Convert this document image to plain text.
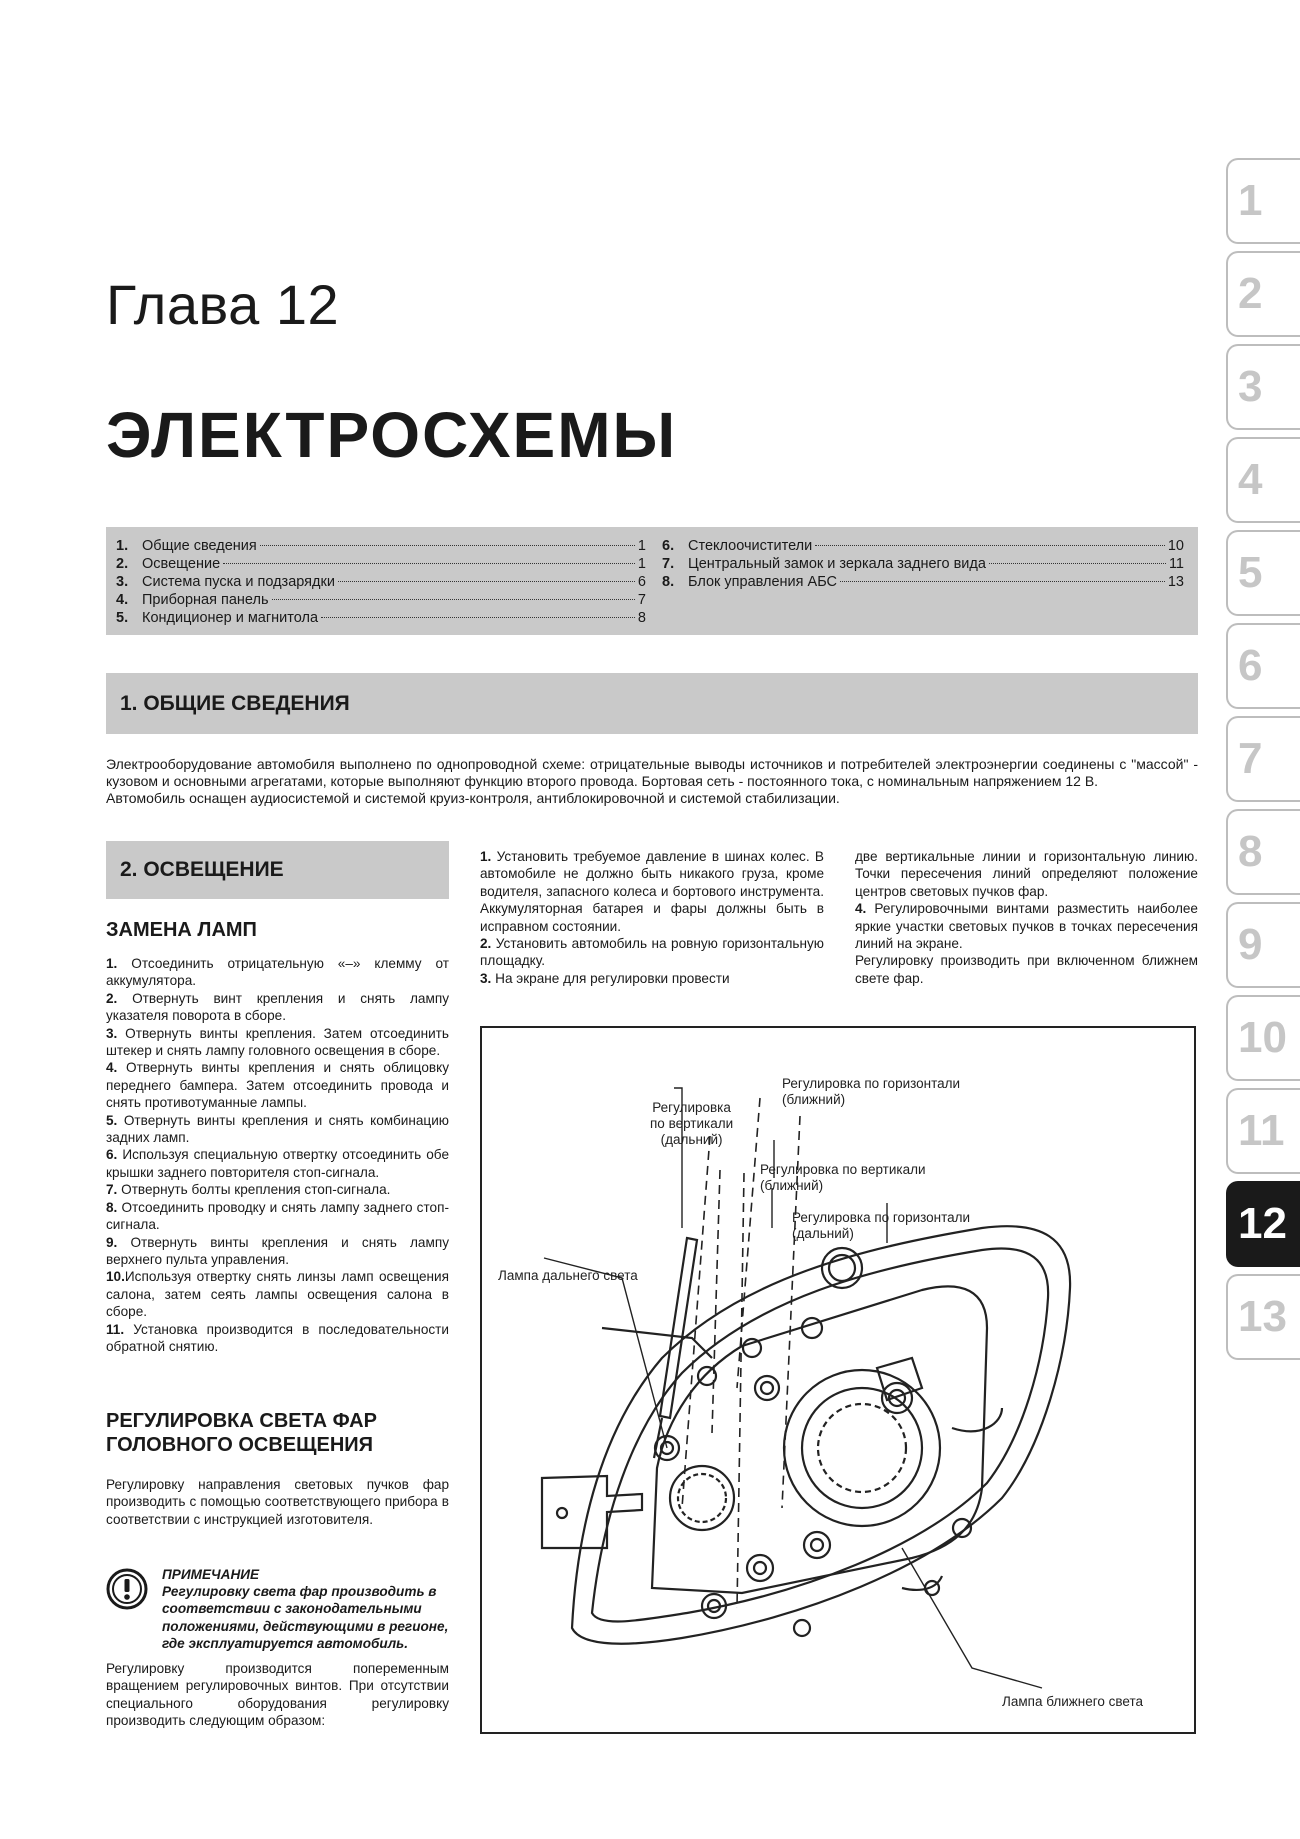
Глава 12
ЭЛЕКТРОСХЕМЫ
1. Общие сведения	1
2. Освещение	1
3. Система пуска и подзарядки	6
4. Приборная панель	7
5. Кондиционер и магнитола	8
6. Стеклоочистители	10
7. Центральный замок и зеркала заднего вида	11
8. Блок управления АБС	13
1. ОБЩИЕ СВЕДЕНИЯ

Электрооборудование автомобиля выполнено по однопроводной схеме: отрицательные выводы источников и потребителей электроэнергии соединены с "массой" - кузовом и основными агрегатами, которые выполняют функцию второго провода. Бортовая сеть - постоянного тока, с номинальным напряжением 12 В.

Автомобиль оснащен аудиосистемой и системой круиз-контроля, антиблокировочной и системой стабилизации.

2. ОСВЕЩЕНИЕ
ЗАМЕНА ЛАМП

1. Отсоединить отрицательную «–» клемму от аккумулятора.

2. Отвернуть винт крепления и снять лампу указателя поворота в сборе.

3. Отвернуть винты крепления. Затем отсоединить штекер и снять лампу головного освещения в сборе.

4. Отвернуть винты крепления и снять облицовку переднего бампера. Затем отсоединить провода и снять противотуманные лампы.

5. Отвернуть винты крепления и снять комбинацию задних ламп.

6. Используя специальную отвертку отсоединить обе крышки заднего повторителя стоп-сигнала.

7. Отвернуть болты крепления стоп-сигнала.

8. Отсоединить проводку и снять лампу заднего стоп-сигнала.

9. Отвернуть винты крепления и снять лампу верхнего пульта управления.

10.Используя отвертку снять линзы ламп освещения салона, затем сеять лампы освещения салона в сборе.

11. Установка производится в последовательности обратной снятию.

РЕГУЛИРОВКА СВЕТА ФАР
ГОЛОВНОГО ОСВЕЩЕНИЯ
Регулировку направления световых пучков фар производить с помощью соответствующего прибора в соответствии с инструкцией изготовителя.
ПРИМЕЧАНИЕ
Регулировку света фар производить в соответствии с законодательными положениями, действующими в регионе, где эксплуатируется автомобиль.
Регулировку производится попеременным вращением регулировочных винтов. При отсутствии специального оборудования регулировку производить следующим образом:

1. Установить требуемое давление в шинах колес. В автомобиле не должно быть никакого груза, кроме водителя, запасного колеса и бортового инструмента. Аккумуляторная батарея и фары должны быть в исправном состоянии.

2. Установить автомобиль на ровную горизонтальную площадку.

3. На экране для регулировки провести

две вертикальные линии и горизонтальную линию. Точки пересечения линий определяют положение центров световых пучков фар.

4. Регулировочными винтами разместить наиболее яркие участки световых пучков в точках пересечения линий на экране.

Регулировку производить при включенном ближнем свете фар.

Регулировка
по вертикали
(дальний)
Регулировка по горизонтали
(ближний)
Регулировка по вертикали
(ближний)
Регулировка по горизонтали
(дальний)
Лампа дальнего света
Лампа ближнего света
1
2
3
4
5
6
7
8
9
10
11
12
13
